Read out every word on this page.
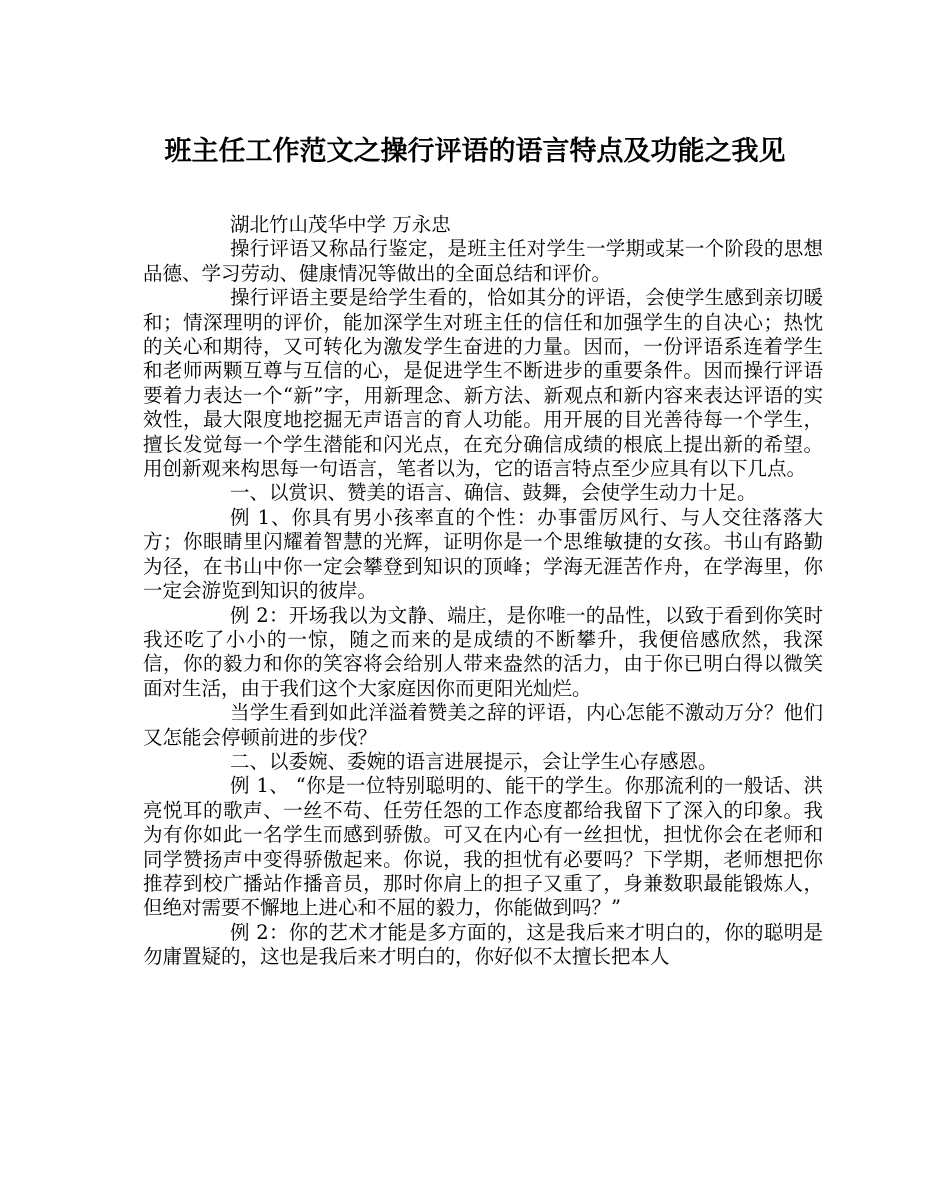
班主任工作范文之操行评语的语言特点及功能之我见

湖北竹山茂华中学 万永忠

操行评语又称品行鉴定，是班主任对学生一学期或某一个阶段的思想品德、学习劳动、健康情况等做出的全面总结和评价。

操行评语主要是给学生看的，恰如其分的评语，会使学生感到亲切暖和；情深理明的评价，能加深学生对班主任的信任和加强学生的自决心；热忱的关心和期待，又可转化为激发学生奋进的力量。因而，一份评语系连着学生和老师两颗互尊与互信的心，是促进学生不断进步的重要条件。因而操行评语要着力表达一个“新”字，用新理念、新方法、新观点和新内容来表达评语的实效性，最大限度地挖掘无声语言的育人功能。用开展的目光善待每一个学生，擅长发觉每一个学生潜能和闪光点，在充分确信成绩的根底上提出新的希望。用创新观来构思每一句语言，笔者以为，它的语言特点至少应具有以下几点。

一、以赏识、赞美的语言、确信、鼓舞，会使学生动力十足。

例 1、你具有男小孩率直的个性：办事雷厉风行、与人交往落落大方；你眼睛里闪耀着智慧的光辉，证明你是一个思维敏捷的女孩。书山有路勤为径，在书山中你一定会攀登到知识的顶峰；学海无涯苦作舟，在学海里，你一定会游览到知识的彼岸。

例 2：开场我以为文静、端庄，是你唯一的品性，以致于看到你笑时我还吃了小小的一惊，随之而来的是成绩的不断攀升，我便倍感欣然，我深信，你的毅力和你的笑容将会给别人带来盎然的活力，由于你已明白得以微笑面对生活，由于我们这个大家庭因你而更阳光灿烂。

当学生看到如此洋溢着赞美之辞的评语，内心怎能不激动万分？他们又怎能会停顿前进的步伐？

二、以委婉、委婉的语言进展提示，会让学生心存感恩。

例 1、 “你是一位特别聪明的、能干的学生。你那流利的一般话、洪亮悦耳的歌声、一丝不苟、任劳任怨的工作态度都给我留下了深入的印象。我为有你如此一名学生而感到骄傲。可又在内心有一丝担忧，担忧你会在老师和同学赞扬声中变得骄傲起来。你说，我的担忧有必要吗？下学期，老师想把你推荐到校广播站作播音员，那时你肩上的担子又重了，身兼数职最能锻炼人，但绝对需要不懈地上进心和不屈的毅力，你能做到吗？”

例 2：你的艺术才能是多方面的，这是我后来才明白的，你的聪明是勿庸置疑的，这也是我后来才明白的，你好似不太擅长把本人
